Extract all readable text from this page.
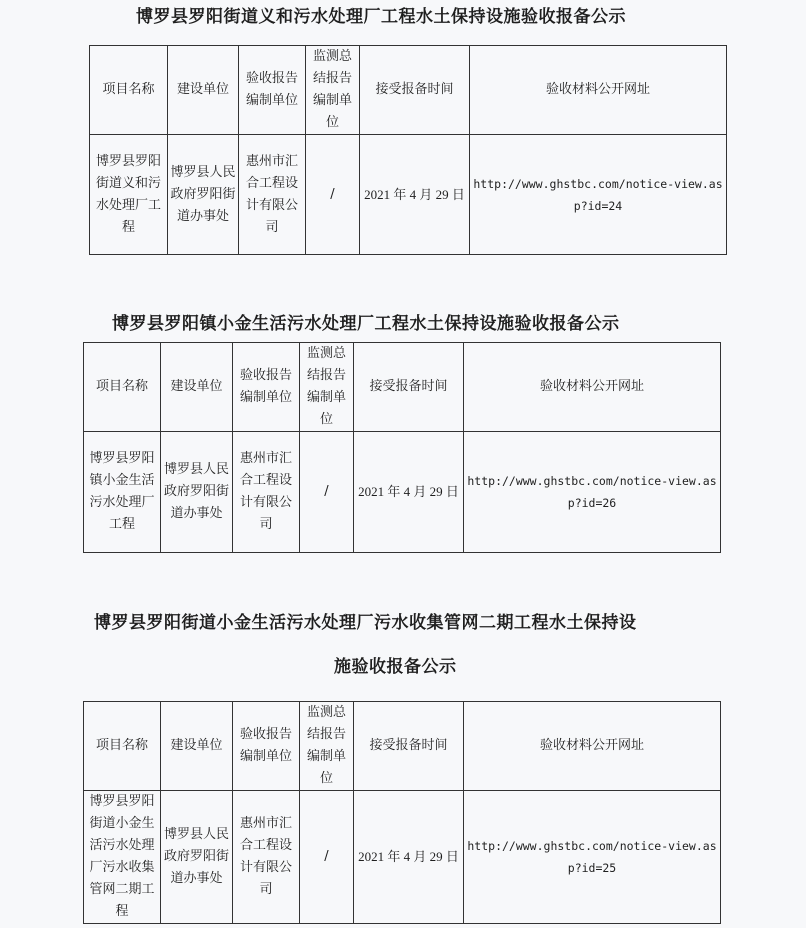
博罗县罗阳街道义和污水处理厂工程水土保持设施验收报备公示
项目名称	建设单位	验收报告编制单位	监测总结报告编制单位	接受报备时间	验收材料公开网址
博罗县罗阳街道义和污水处理厂工程	博罗县人民政府罗阳街道办事处	惠州市汇合工程设计有限公司	/	2021 年 4 月 29 日	http://www.ghstbc.com/notice-view.asp?id=24
博罗县罗阳镇小金生活污水处理厂工程水土保持设施验收报备公示
项目名称	建设单位	验收报告编制单位	监测总结报告编制单位	接受报备时间	验收材料公开网址
博罗县罗阳镇小金生活污水处理厂工程	博罗县人民政府罗阳街道办事处	惠州市汇合工程设计有限公司	/	2021 年 4 月 29 日	http://www.ghstbc.com/notice-view.asp?id=26
博罗县罗阳街道小金生活污水处理厂污水收集管网二期工程水土保持设
施验收报备公示
项目名称	建设单位	验收报告编制单位	监测总结报告编制单位	接受报备时间	验收材料公开网址
博罗县罗阳街道小金生活污水处理厂污水收集管网二期工程	博罗县人民政府罗阳街道办事处	惠州市汇合工程设计有限公司	/	2021 年 4 月 29 日	http://www.ghstbc.com/notice-view.asp?id=25
